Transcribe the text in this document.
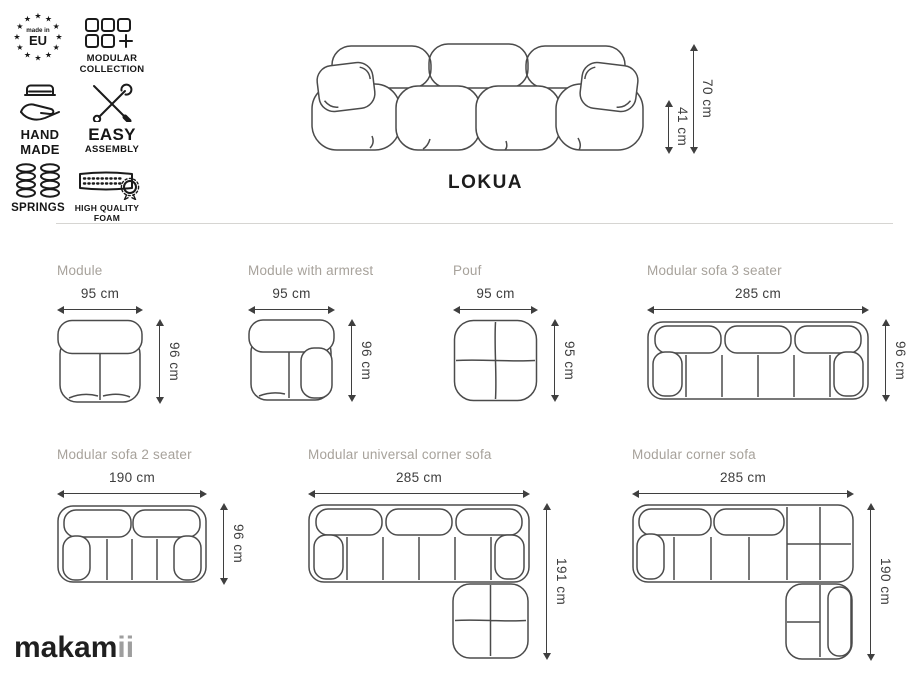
★ ★
★
★
★
★
★
★
★
★
★
★
made in
EU
MODULAR
COLLECTION
HAND
MADE
EASY
ASSEMBLY
SPRINGS HIGH QUALITY
FOAM
LOKUA
41 cm
70 cm
Module
95 cm
96 cm
Module with armrest
95 cm
96 cm
Pouf
95 cm
95 cm
Modular sofa 3 seater
285 cm
96 cm
Modular sofa 2 seater
190 cm
96 cm
Modular universal corner sofa
285 cm
191 cm
Modular corner sofa
285 cm
190 cm
makamii
